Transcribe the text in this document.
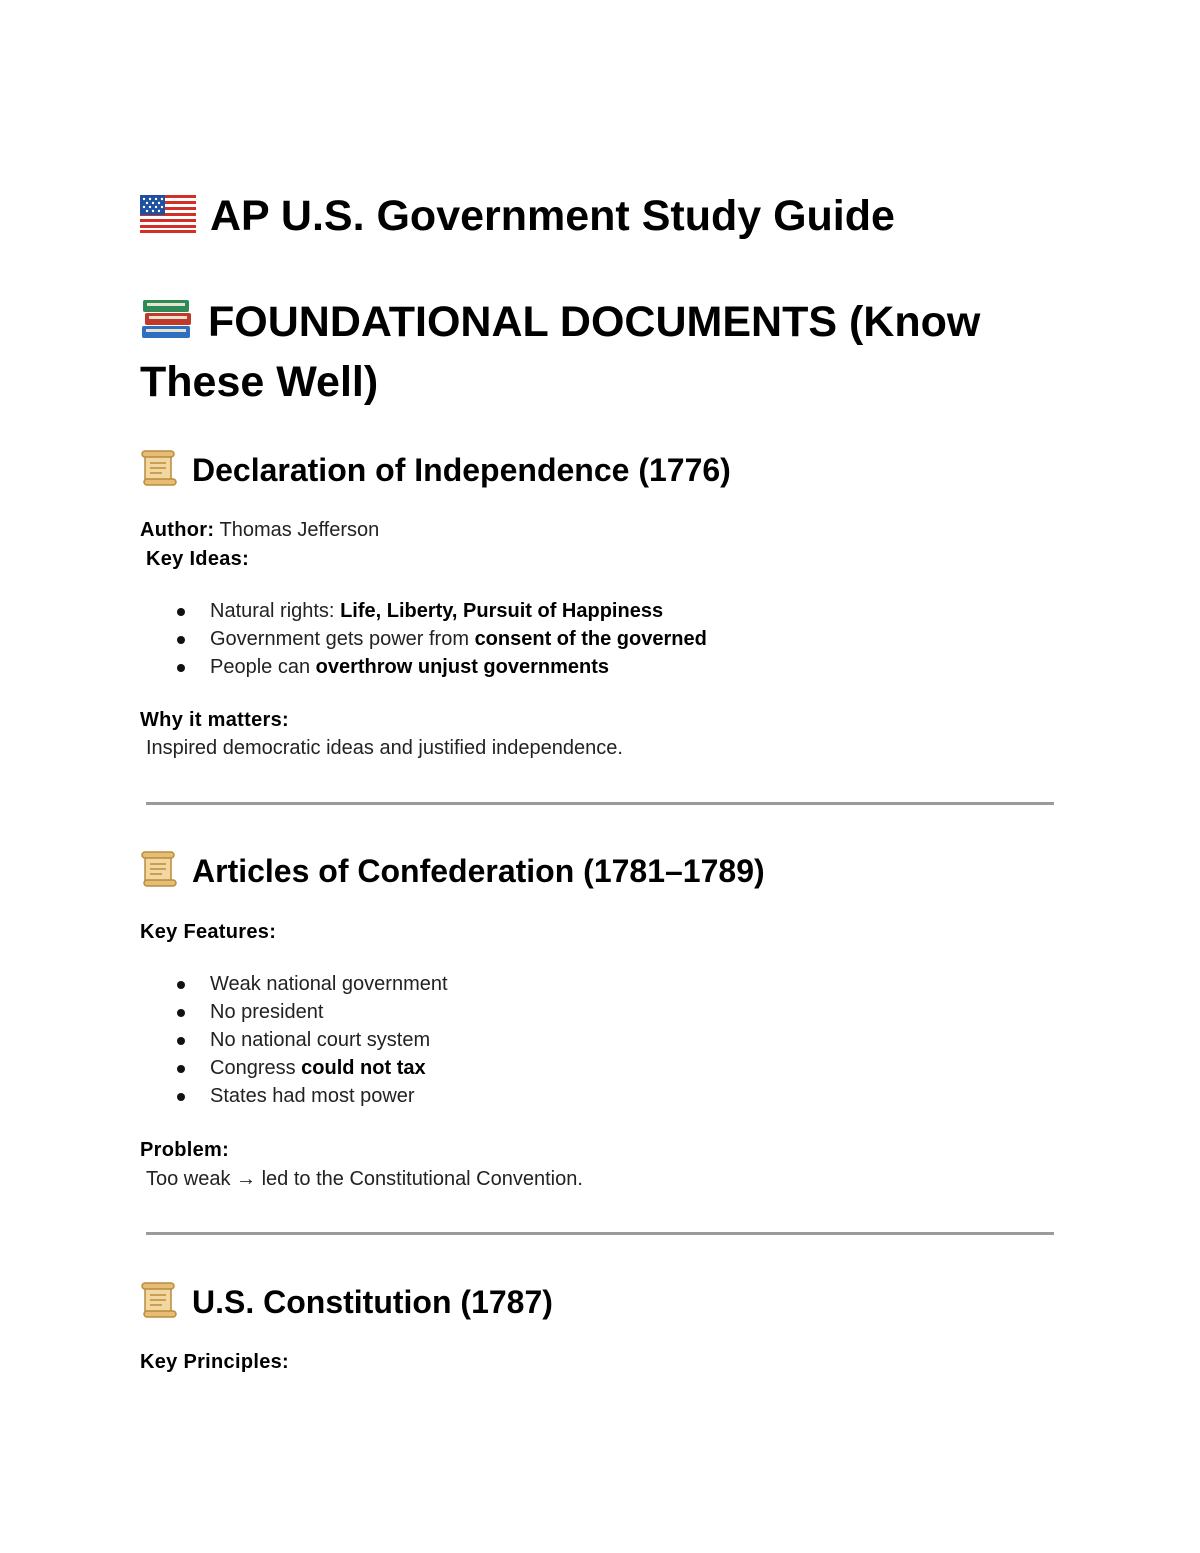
AP U.S. Government Study Guide
FOUNDATIONAL DOCUMENTS (Know
These Well)
Declaration of Independence (1776)
Author: Thomas Jefferson
Key Ideas:
Natural rights: Life, Liberty, Pursuit of Happiness
Government gets power from consent of the governed
People can overthrow unjust governments
Why it matters:
Inspired democratic ideas and justified independence.
Articles of Confederation (1781–1789)
Key Features:
Weak national government
No president
No national court system
Congress could not tax
States had most power
Problem:
Too weak → led to the Constitutional Convention.
U.S. Constitution (1787)
Key Principles:
